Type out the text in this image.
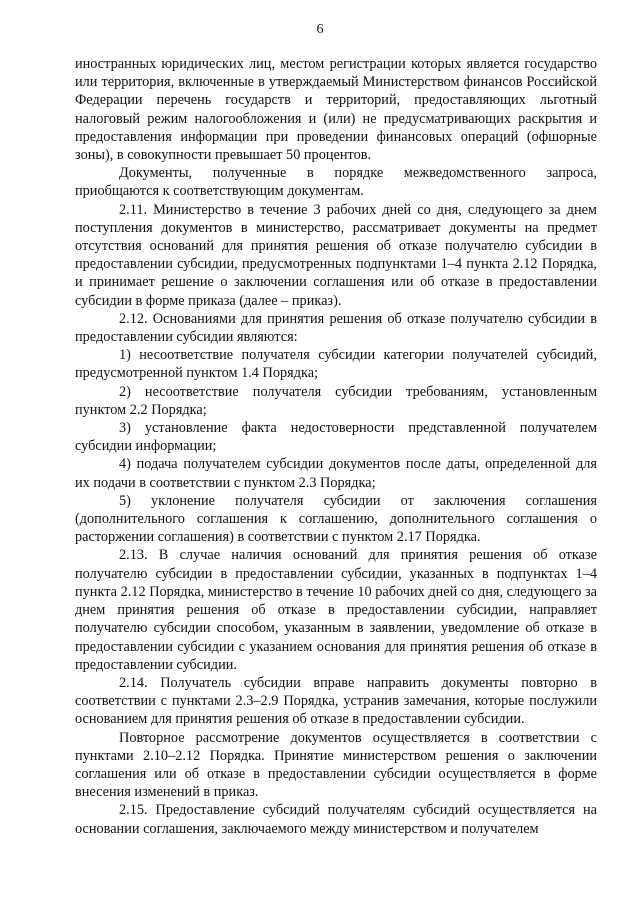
6

иностранных юридических лиц, местом регистрации которых является государство или территория, включенные в утверждаемый Министерством финансов Российской Федерации перечень государств и территорий, предоставляющих льготный налоговый режим налогообложения и (или) не предусматривающих раскрытия и предоставления информации при проведении финансовых операций (офшорные зоны), в совокупности превышает 50 процентов.

Документы, полученные в порядке межведомственного запроса, приобщаются к соответствующим документам.

2.11. Министерство в течение 3 рабочих дней со дня, следующего за днем поступления документов в министерство, рассматривает документы на предмет отсутствия оснований для принятия решения об отказе получателю субсидии в предоставлении субсидии, предусмотренных подпунктами 1–4 пункта 2.12 Порядка, и принимает решение о заключении соглашения или об отказе в предоставлении субсидии в форме приказа (далее – приказ).

2.12. Основаниями для принятия решения об отказе получателю субсидии в предоставлении субсидии являются:

1) несоответствие получателя субсидии категории получателей субсидий, предусмотренной пунктом 1.4 Порядка;

2) несоответствие получателя субсидии требованиям, установленным пунктом 2.2 Порядка;

3) установление факта недостоверности представленной получателем субсидии информации;

4) подача получателем субсидии документов после даты, определенной для их подачи в соответствии с пунктом 2.3 Порядка;

5) уклонение получателя субсидии от заключения соглашения (дополнительного соглашения к соглашению, дополнительного соглашения о расторжении соглашения) в соответствии с пунктом 2.17 Порядка.

2.13. В случае наличия оснований для принятия решения об отказе получателю субсидии в предоставлении субсидии, указанных в подпунктах 1–4 пункта 2.12 Порядка, министерство в течение 10 рабочих дней со дня, следующего за днем принятия решения об отказе в предоставлении субсидии, направляет получателю субсидии способом, указанным в заявлении, уведомление об отказе в предоставлении субсидии с указанием основания для принятия решения об отказе в предоставлении субсидии.

2.14. Получатель субсидии вправе направить документы повторно в соответствии с пунктами 2.3–2.9 Порядка, устранив замечания, которые послужили основанием для принятия решения об отказе в предоставлении субсидии.

Повторное рассмотрение документов осуществляется в соответствии с пунктами 2.10–2.12 Порядка. Принятие министерством решения о заключении соглашения или об отказе в предоставлении субсидии осуществляется в форме внесения изменений в приказ.

2.15. Предоставление субсидий получателям субсидий осуществляется на основании соглашения, заключаемого между министерством и получателем
